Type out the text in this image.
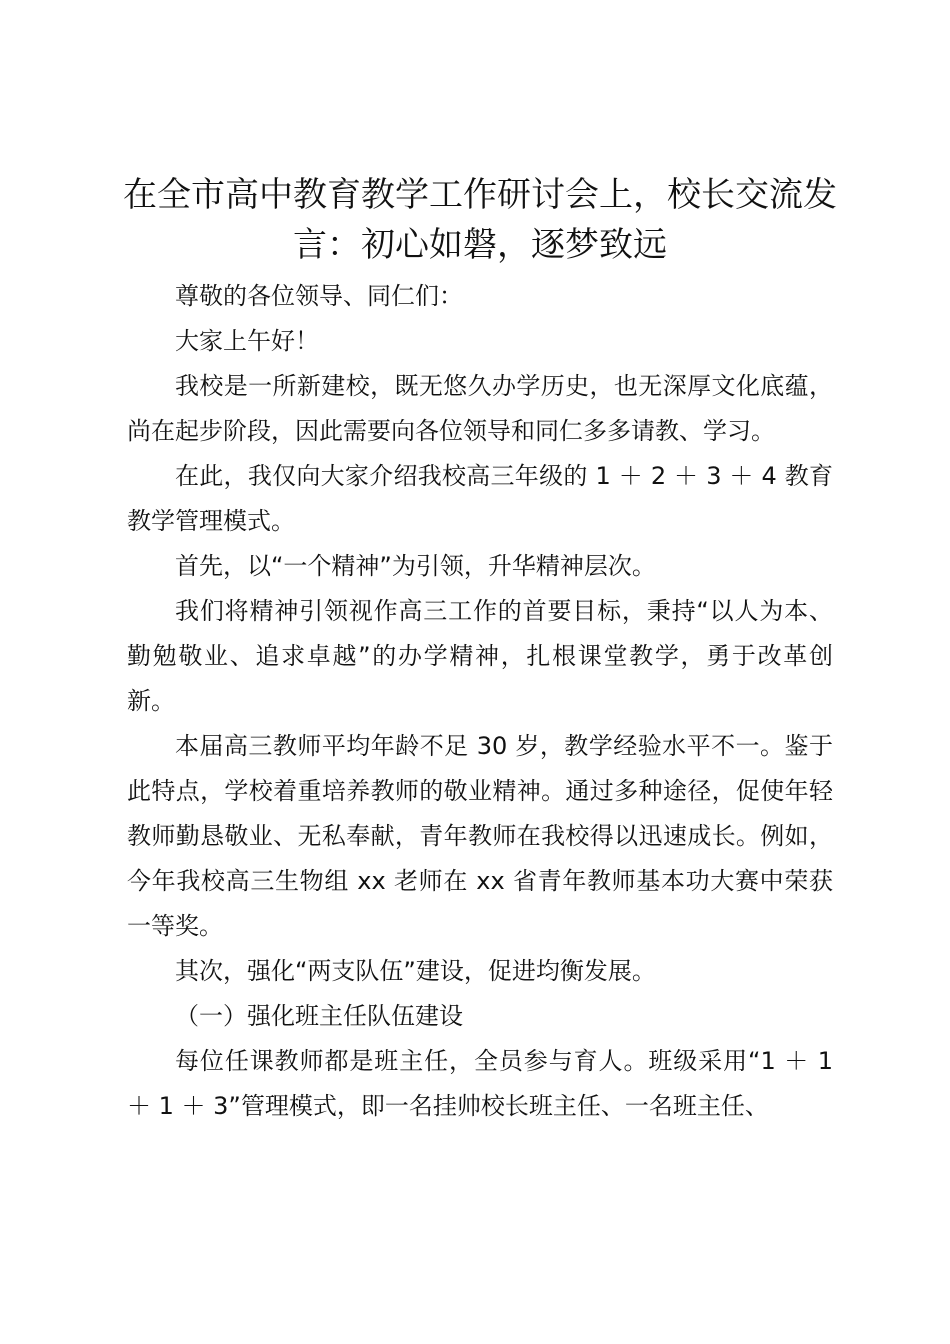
在全市高中教育教学工作研讨会上，校长交流发言：初心如磐，逐梦致远

尊敬的各位领导、同仁们：

大家上午好！

我校是一所新建校，既无悠久办学历史，也无深厚文化底蕴，尚在起步阶段，因此需要向各位领导和同仁多多请教、学习。

在此，我仅向大家介绍我校高三年级的 1 ＋ 2 ＋ 3 ＋ 4 教育教学管理模式。

首先，以“一个精神”为引领，升华精神层次。

我们将精神引领视作高三工作的首要目标，秉持“以人为本、勤勉敬业、追求卓越”的办学精神，扎根课堂教学，勇于改革创新。

本届高三教师平均年龄不足 30 岁，教学经验水平不一。鉴于此特点，学校着重培养教师的敬业精神。通过多种途径，促使年轻教师勤恳敬业、无私奉献，青年教师在我校得以迅速成长。例如，今年我校高三生物组 xx 老师在 xx 省青年教师基本功大赛中荣获一等奖。

其次，强化“两支队伍”建设，促进均衡发展。

（一）强化班主任队伍建设

每位任课教师都是班主任，全员参与育人。班级采用“1 ＋ 1 ＋ 1 ＋ 3”管理模式，即一名挂帅校长班主任、一名班主任、
